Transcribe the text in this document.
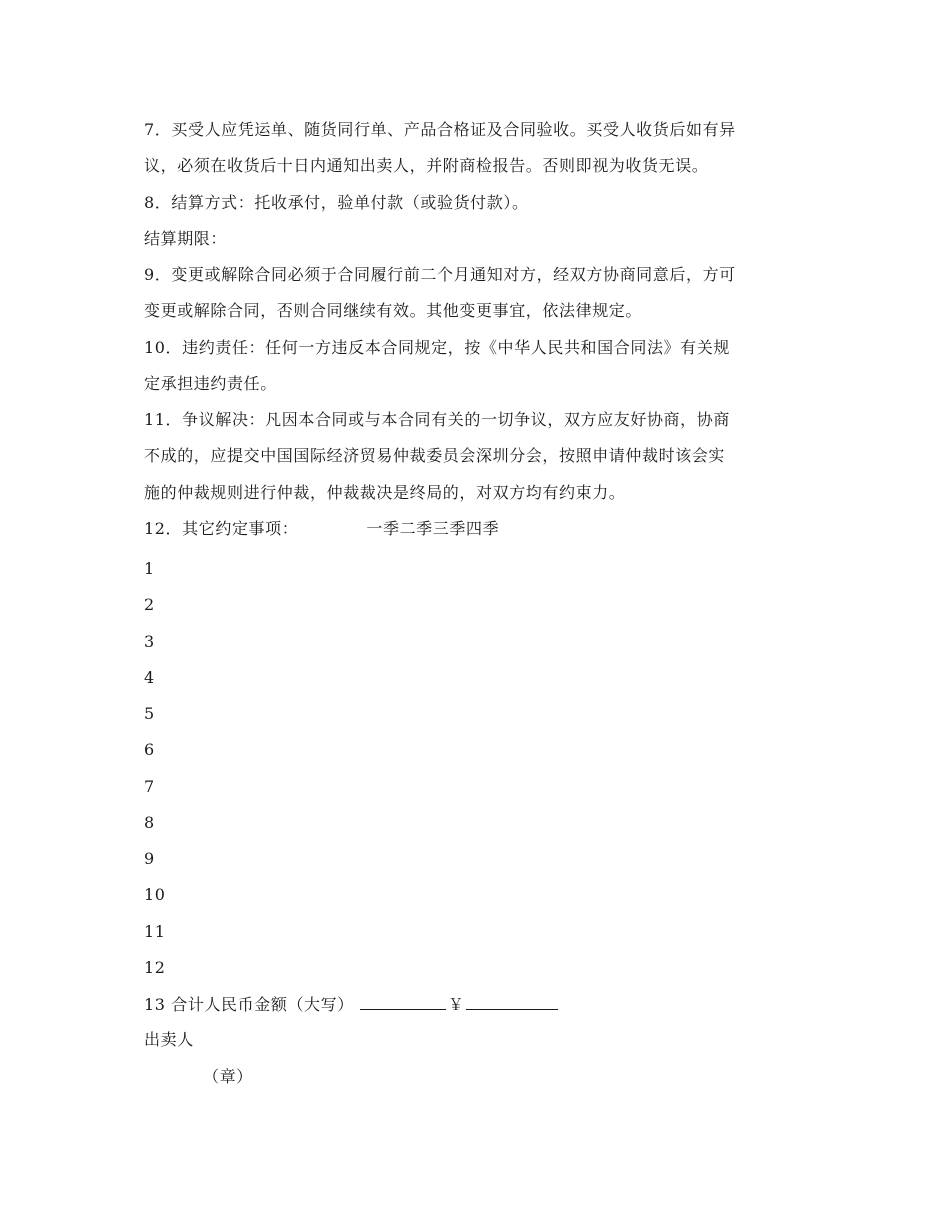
7．买受人应凭运单、随货同行单、产品合格证及合同验收。买受人收货后如有异
议，必须在收货后十日内通知出卖人，并附商检报告。否则即视为收货无误。
8．结算方式：托收承付，验单付款（或验货付款）。
结算期限：
9．变更或解除合同必须于合同履行前二个月通知对方，经双方协商同意后，方可
变更或解除合同，否则合同继续有效。其他变更事宜，依法律规定。
10．违约责任：任何一方违反本合同规定，按《中华人民共和国合同法》有关规
定承担违约责任。
11．争议解决：凡因本合同或与本合同有关的一切争议，双方应友好协商，协商
不成的，应提交中国国际经济贸易仲裁委员会深圳分会，按照申请仲裁时该会实
施的仲裁规则进行仲裁，仲裁裁决是终局的，对双方均有约束力。
12．其它约定事项：	一季二季三季四季
1
2
3
4
5
6
7
8
9
10
11
12
13 合计人民币金额（大写）	￥
出卖人
（章）
